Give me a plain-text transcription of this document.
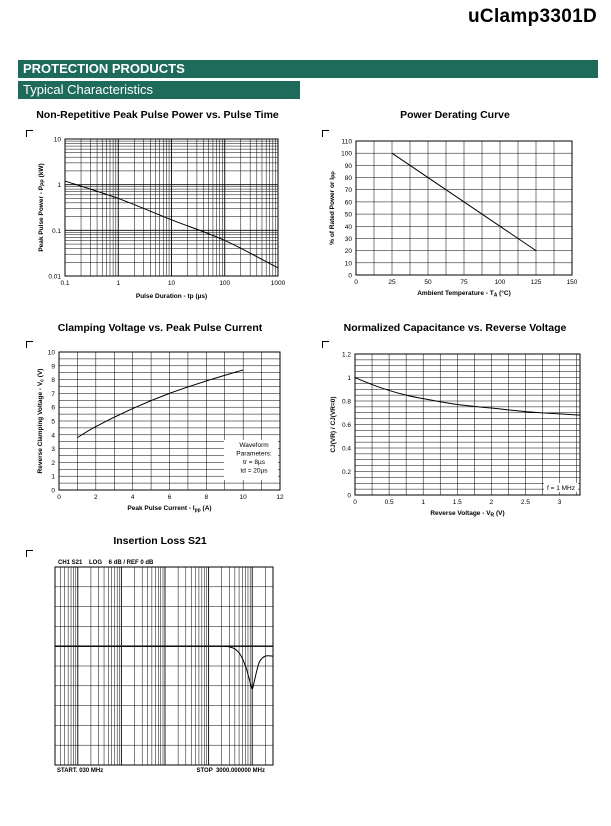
uClamp3301D
PROTECTION PRODUCTS
Typical Characteristics
Non-Repetitive Peak Pulse Power vs. Pulse Time	Power Derating Curve
Clamping Voltage vs. Peak Pulse Current	Normalized Capacitance vs. Reverse Voltage
Insertion Loss S21
0.1	1	10	100	1000
0.01
0.1
1
10
Pulse Duration - tp (µs)
Peak Pulse Power - $P_{PP}$ (kW)
0	25	50	75	100	125	150
0
10
20
30
40
50
60
70
80
90
100
110
Ambient Temperature - $T_A$ (°C)
% of Rated Power or $I_{PP}$
0	2	4	6	8	10	12
0
1
2
3
4
5
6
7
8
9
10
Peak Pulse Current - $I_{pp}$ (A)
Reverse Clamping Voltage - $V_c$ (V)
Waveform
Parameters:
tr = 8µs
td = 20µs
0	0.5	1	1.5	2	2.5	3
0
0.2
0.4
0.6
0.8
1
1.2
Reverse Voltage - $V_R$ (V)
CJ(VR) / CJ(VR=0)
f = 1 MHz
CH1 S21    LOG    6 dB / REF 0 dB
START. 030 MHz	STOP  3000.000000 MHz
